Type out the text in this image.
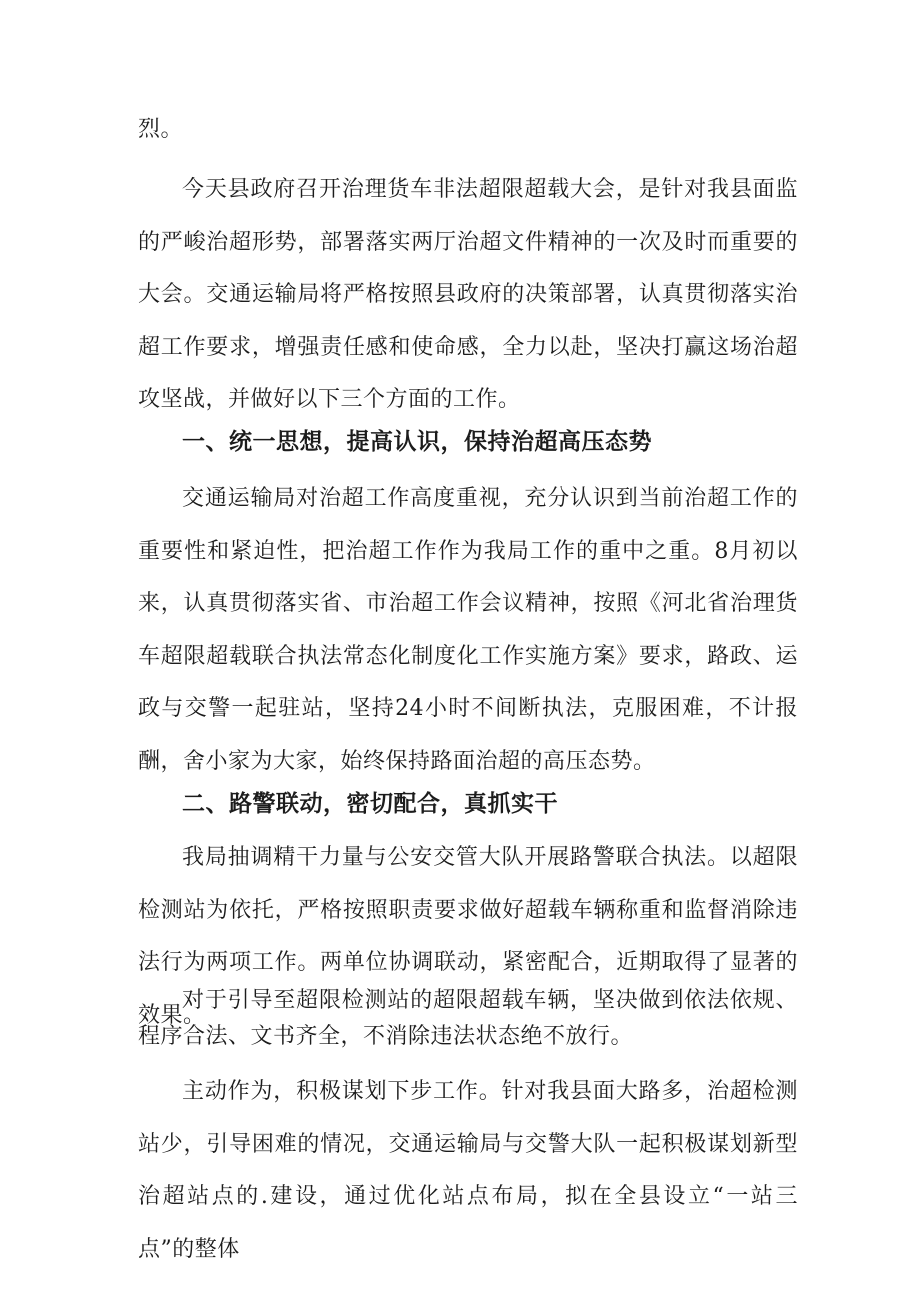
烈。

今天县政府召开治理货车非法超限超载大会，是针对我县面监的严峻治超形势，部署落实两厅治超文件精神的一次及时而重要的大会。交通运输局将严格按照县政府的决策部署，认真贯彻落实治超工作要求，增强责任感和使命感，全力以赴，坚决打赢这场治超攻坚战，并做好以下三个方面的工作。

一、统一思想，提高认识，保持治超高压态势

交通运输局对治超工作高度重视，充分认识到当前治超工作的重要性和紧迫性，把治超工作作为我局工作的重中之重。8月初以来，认真贯彻落实省、市治超工作会议精神，按照《河北省治理货车超限超载联合执法常态化制度化工作实施方案》要求，路政、运政与交警一起驻站，坚持24小时不间断执法，克服困难，不计报酬，舍小家为大家，始终保持路面治超的高压态势。

二、路警联动，密切配合，真抓实干

我局抽调精干力量与公安交管大队开展路警联合执法。以超限检测站为依托，严格按照职责要求做好超载车辆称重和监督消除违法行为两项工作。两单位协调联动，紧密配合，近期取得了显著的效果。

对于引导至超限检测站的超限超载车辆，坚决做到依法依规、程序合法、文书齐全，不消除违法状态绝不放行。

主动作为，积极谋划下步工作。针对我县面大路多，治超检测站少，引导困难的情况，交通运输局与交警大队一起积极谋划新型治超站点的.建设，通过优化站点布局，拟在全县设立“一站三点”的整体
